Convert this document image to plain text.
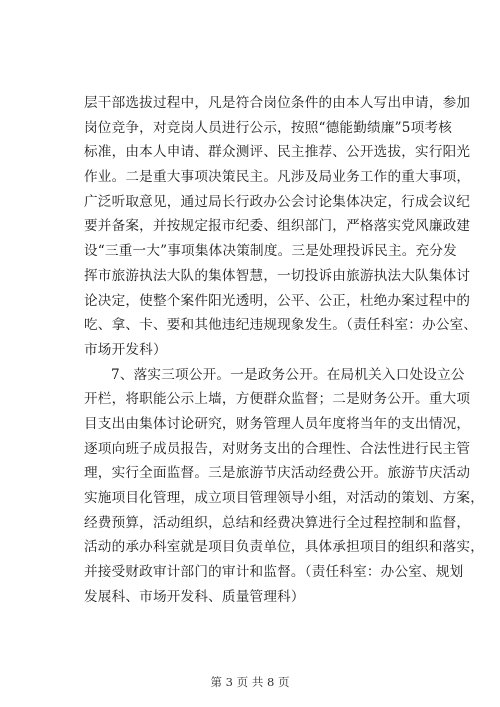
层干部选拔过程中，凡是符合岗位条件的由本人写出申请，参加
岗位竞争，对竞岗人员进行公示，按照“德能勤绩廉”5项考核
标准，由本人申请、群众测评、民主推荐、公开选拔，实行阳光
作业。二是重大事项决策民主。凡涉及局业务工作的重大事项，
广泛听取意见，通过局长行政办公会讨论集体决定，行成会议纪
要并备案，并按规定报市纪委、组织部门，严格落实党风廉政建
设“三重一大”事项集体决策制度。三是处理投诉民主。充分发
挥市旅游执法大队的集体智慧，一切投诉由旅游执法大队集体讨
论决定，使整个案件阳光透明，公平、公正，杜绝办案过程中的
吃、拿、卡、要和其他违纪违规现象发生。（责任科室：办公室、
市场开发科）
7、落实三项公开。一是政务公开。在局机关入口处设立公
开栏，将职能公示上墙，方便群众监督；二是财务公开。重大项
目支出由集体讨论研究，财务管理人员年度将当年的支出情况，
逐项向班子成员报告，对财务支出的合理性、合法性进行民主管
理，实行全面监督。三是旅游节庆活动经费公开。旅游节庆活动
实施项目化管理，成立项目管理领导小组，对活动的策划、方案，
经费预算，活动组织，总结和经费决算进行全过程控制和监督，
活动的承办科室就是项目负责单位，具体承担项目的组织和落实，
并接受财政审计部门的审计和监督。（责任科室：办公室、规划
发展科、市场开发科、质量管理科）
第 3 页 共 8 页
